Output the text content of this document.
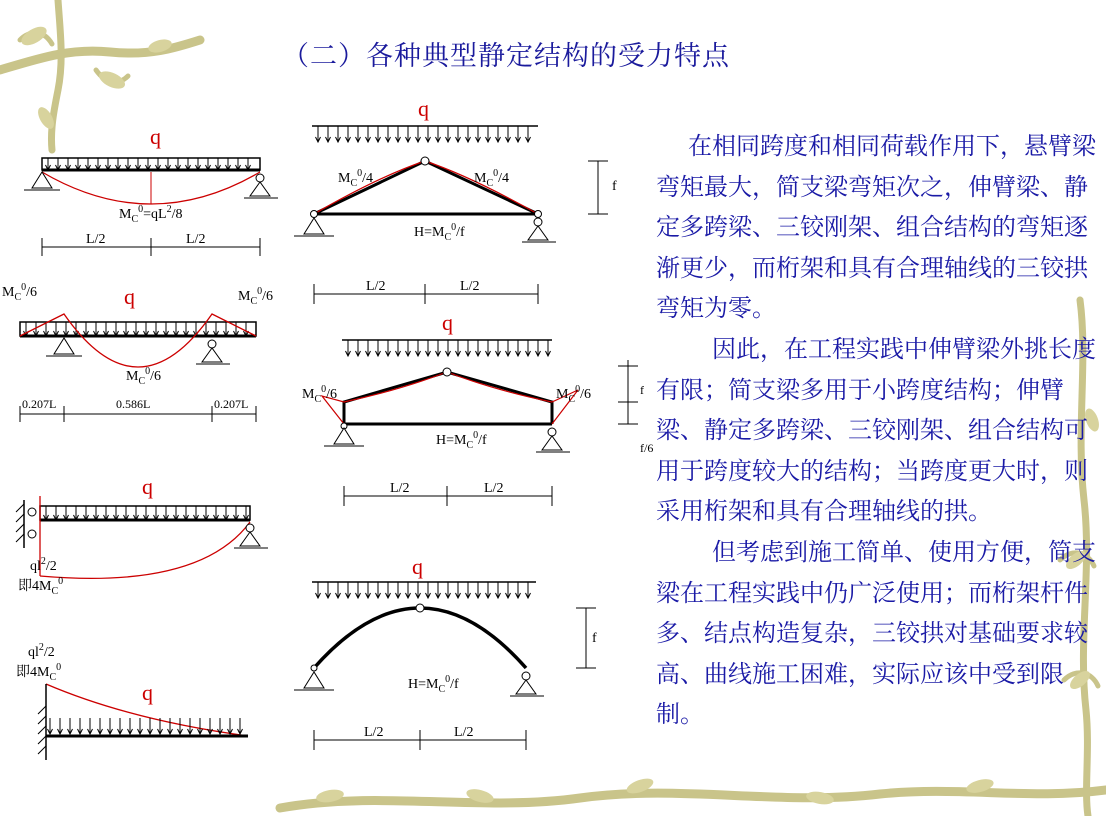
（二）各种典型静定结构的受力特点
q
$M_C^0=qL^2/8$
L/2	L/2
q
$M_C^0/6$	$M_C^0/6$
$M_C^0/6$
0.207L	0.586L	0.207L
q
$ql^2/2$
即$4M_C^0$
$ql^2/2$
即$4M_C^0$
q
q
$M_C^0/4$	$M_C^0/4$
$H=M_C^0/f$
f
L/2	L/2
q
$M_C^0/6$	$M_C^0/6$
$H=M_C^0/f$
f
f/6
L/2	L/2
q
$H=M_C^0/f$
f
L/2	L/2

在相同跨度和相同荷载作用下，悬臂梁弯矩最大，简支梁弯矩次之，伸臂梁、静定多跨梁、三铰刚架、组合结构的弯矩逐渐更少，而桁架和具有合理轴线的三铰拱弯矩为零。

因此，在工程实践中伸臂梁外挑长度有限；简支梁多用于小跨度结构；伸臂梁、静定多跨梁、三铰刚架、组合结构可用于跨度较大的结构；当跨度更大时，则采用桁架和具有合理轴线的拱。

但考虑到施工简单、使用方便，简支梁在工程实践中仍广泛使用；而桁架杆件多、结点构造复杂，三铰拱对基础要求较高、曲线施工困难，实际应该中受到限制。
